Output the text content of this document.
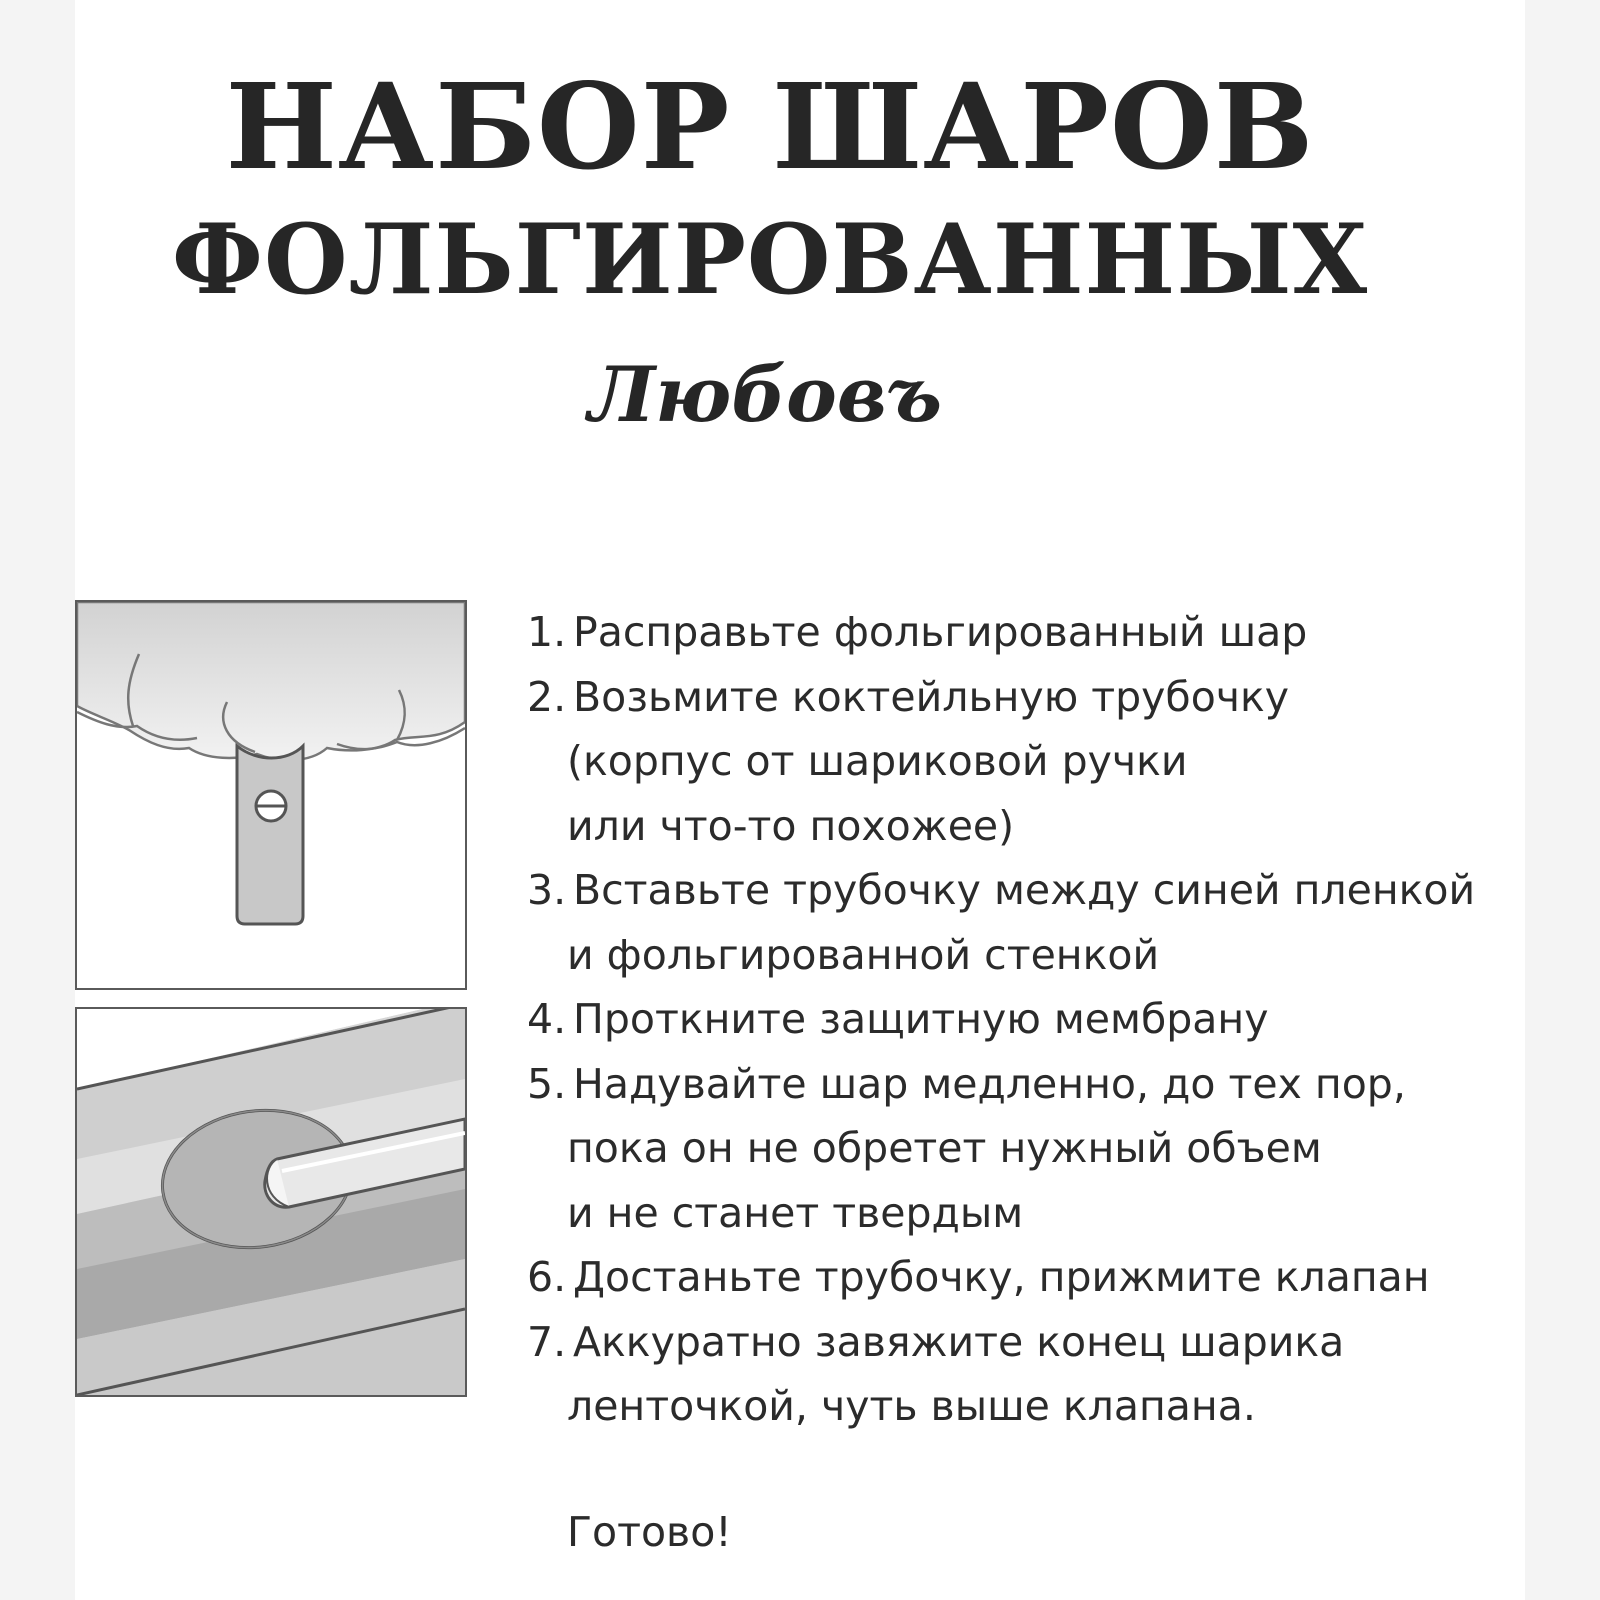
НАБОР ШАРОВ
ФОЛЬГИРОВАННЫХ
Любовъ
1. Расправьте фольгированный шар
2. Возьмите коктейльную трубочку
(корпус от шариковой ручки
или что-то похожее)
3. Вставьте трубочку между синей пленкой
и фольгированной стенкой
4. Проткните защитную мембрану
5. Надувайте шар медленно, до тех пор,
пока он не обретет нужный объем
и не станет твердым
6. Достаньте трубочку, прижмите клапан
7. Аккуратно завяжите конец шарика
ленточкой, чуть выше клапана.
Готово!
